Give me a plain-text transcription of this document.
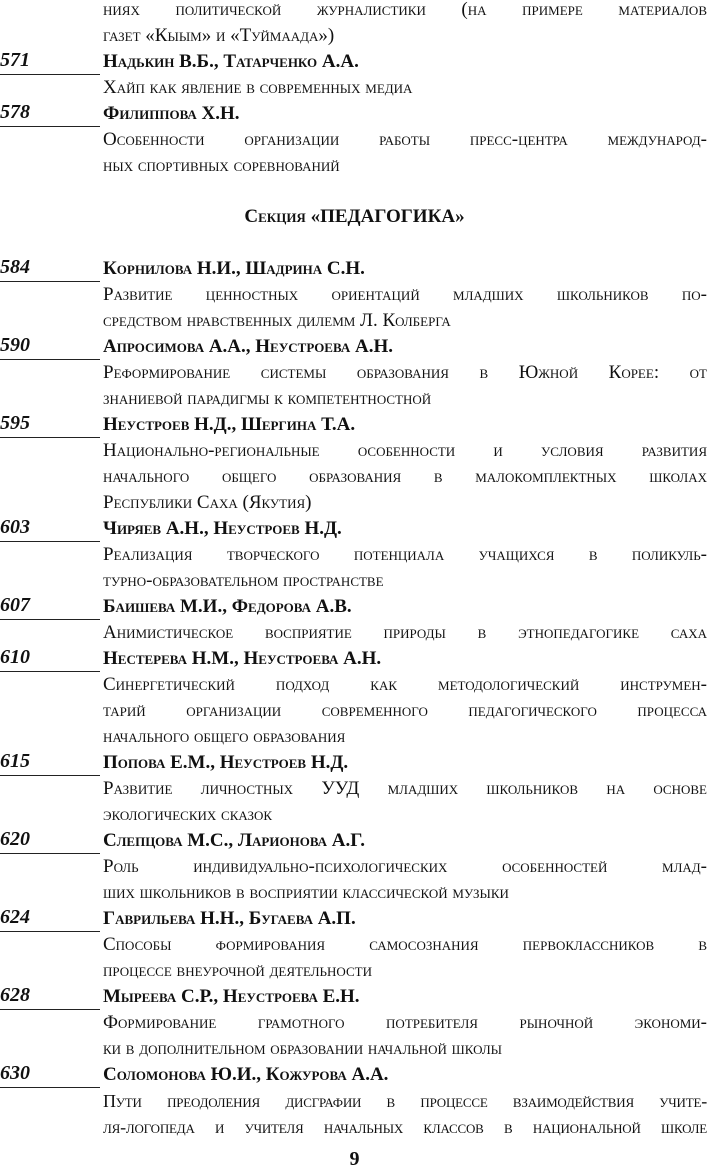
ниях политической журналистики (на примере материалов
газет «Кыым» и «Туймаада»)
571	Надькин В.Б., Татарченко А.А.
Хайп как явление в современных медиа
578	Филиппова Х.Н.
Особенности организации работы пресс-центра международ-
ных спортивных соревнований
Секция «ПЕДАГОГИКА»
584	Корнилова Н.И., Шадрина С.Н.
Развитие ценностных ориентаций младших школьников по-
средством нравственных дилемм Л. Колберга
590	Апросимова А.А., Неустроева А.Н.
Реформирование системы образования в Южной Корее: от
знаниевой парадигмы к компетентностной
595	Неустроев Н.Д., Шергина Т.А.
Национально-региональные особенности и условия развития
начального общего образования в малокомплектных школах
Республики Саха (Якутия)
603	Чиряев А.Н., Неустроев Н.Д.
Реализация творческого потенциала учащихся в поликуль-
турно-образовательном пространстве
607	Баишева М.И., Федорова А.В.
Анимистическое восприятие природы в этнопедагогике саха
610	Нестерева Н.М., Неустроева А.Н.
Синергетический подход как методологический инструмен-
тарий организации современного педагогического процесса
начального общего образования
615	Попова Е.М., Неустроев Н.Д.
Развитие личностных УУД младших школьников на основе
экологических сказок
620	Слепцова М.С., Ларионова А.Г.
Роль индивидуально-психологических особенностей млад-
ших школьников в восприятии классической музыки
624	Гаврильева Н.Н., Бугаева А.П.
Способы формирования самосознания первоклассников в
процессе внеурочной деятельности
628	Мыреева С.Р., Неустроева Е.Н.
Формирование грамотного потребителя рыночной экономи-
ки в дополнительном образовании начальной школы
630	Соломонова Ю.И., Кожурова А.А.
Пути преодоления дисграфии в процессе взаимодействия учите-
ля-логопеда и учителя начальных классов в национальной школе
9
